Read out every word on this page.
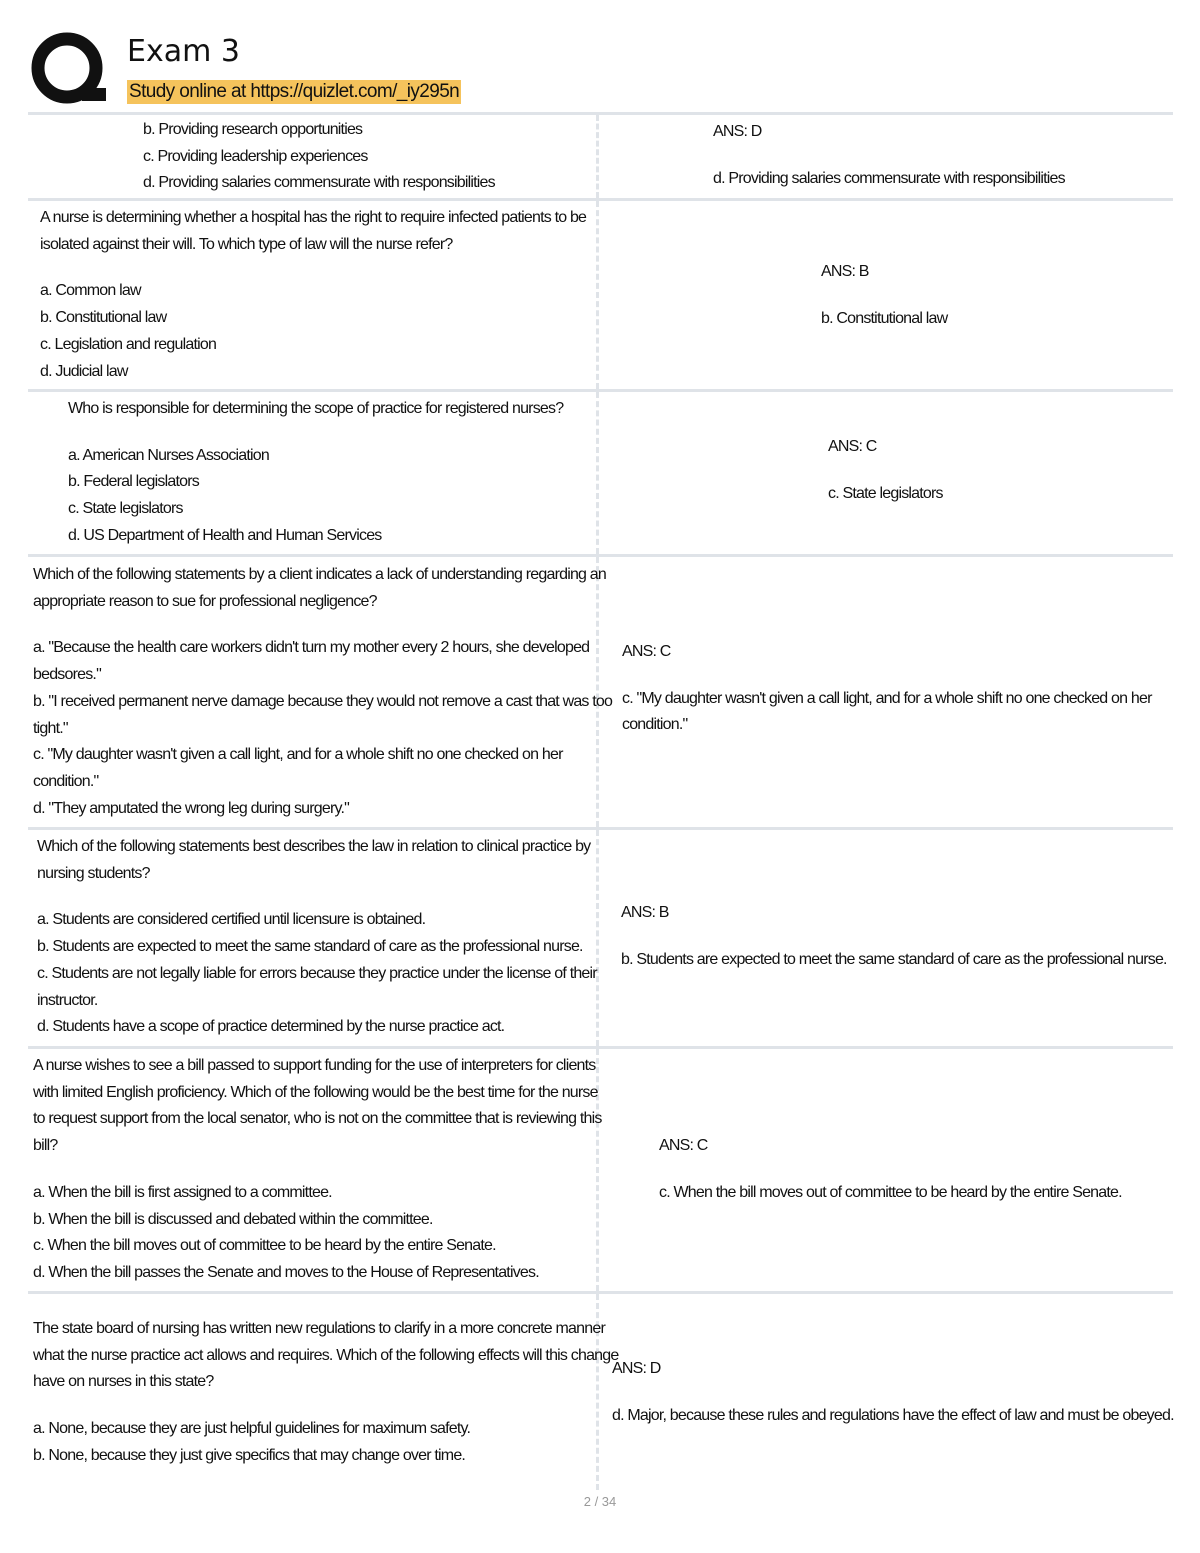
Exam 3
Study online at https://quizlet.com/_iy295n
b. Providing research opportunities
c. Providing leadership experiences
d. Providing salaries commensurate with responsibilities
ANS: D
d. Providing salaries commensurate with responsibilities
A nurse is determining whether a hospital has the right to require infected patients to be
isolated against their will. To which type of law will the nurse refer?
a. Common law
b. Constitutional law
c. Legislation and regulation
d. Judicial law
ANS: B
b. Constitutional law
Who is responsible for determining the scope of practice for registered nurses?
a. American Nurses Association
b. Federal legislators
c. State legislators
d. US Department of Health and Human Services
ANS: C
c. State legislators
Which of the following statements by a client indicates a lack of understanding regarding an
appropriate reason to sue for professional negligence?
a. "Because the health care workers didn't turn my mother every 2 hours, she developed
bedsores."
b. "I received permanent nerve damage because they would not remove a cast that was too
tight."
c. "My daughter wasn't given a call light, and for a whole shift no one checked on her
condition."
d. "They amputated the wrong leg during surgery."
ANS: C
c. "My daughter wasn't given a call light, and for a whole shift no one checked on her
condition."
Which of the following statements best describes the law in relation to clinical practice by
nursing students?
a. Students are considered certified until licensure is obtained.
b. Students are expected to meet the same standard of care as the professional nurse.
c. Students are not legally liable for errors because they practice under the license of their
instructor.
d. Students have a scope of practice determined by the nurse practice act.
ANS: B
b. Students are expected to meet the same standard of care as the professional nurse.
A nurse wishes to see a bill passed to support funding for the use of interpreters for clients
with limited English proficiency. Which of the following would be the best time for the nurse
to request support from the local senator, who is not on the committee that is reviewing this
bill?
a. When the bill is first assigned to a committee.
b. When the bill is discussed and debated within the committee.
c. When the bill moves out of committee to be heard by the entire Senate.
d. When the bill passes the Senate and moves to the House of Representatives.
ANS: C
c. When the bill moves out of committee to be heard by the entire Senate.
The state board of nursing has written new regulations to clarify in a more concrete manner
what the nurse practice act allows and requires. Which of the following effects will this change
have on nurses in this state?
a. None, because they are just helpful guidelines for maximum safety.
b. None, because they just give specifics that may change over time.
ANS: D
d. Major, because these rules and regulations have the effect of law and must be obeyed.
2 / 34
